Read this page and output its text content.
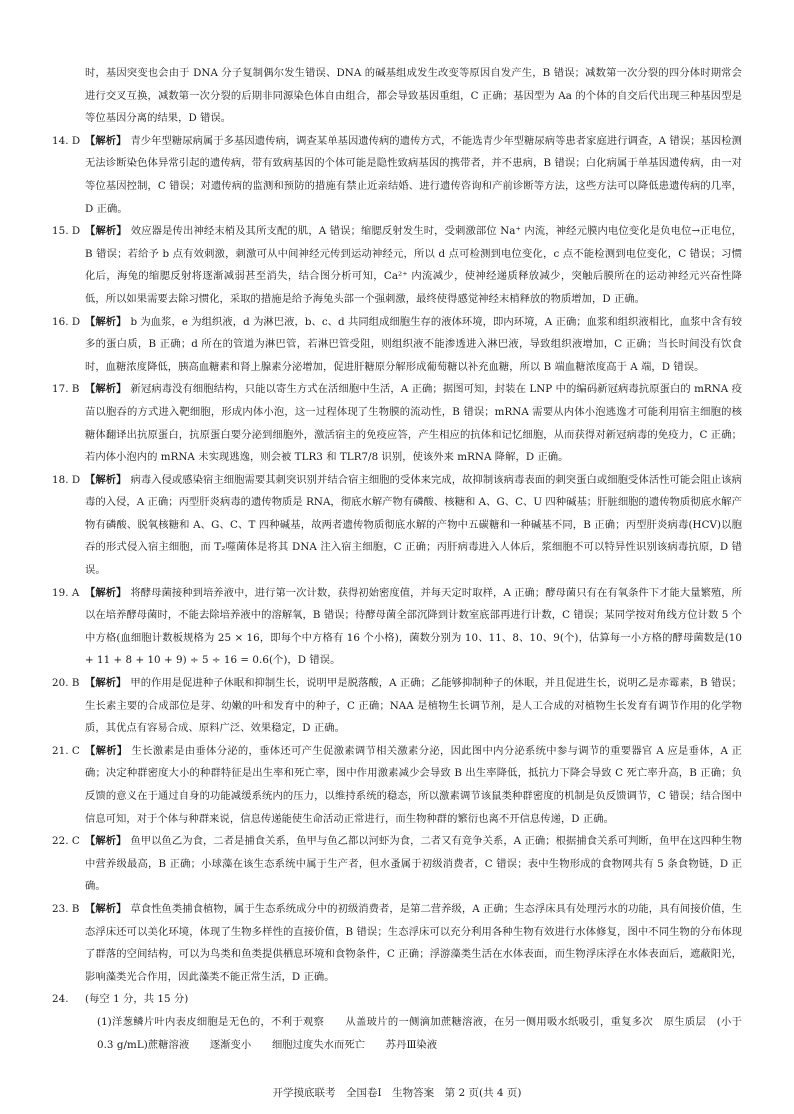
时，基因突变也会由于 DNA 分子复制偶尔发生错误、DNA 的碱基组成发生改变等原因自发产生，B 错误；减数第一次分裂的四分体时期常会进行交叉互换，减数第一次分裂的后期非同源染色体自由组合，都会导致基因重组，C 正确；基因型为 Aa 的个体的自交后代出现三种基因型是等位基因分离的结果，D 错误。

14. D 【解析】 青少年型糖尿病属于多基因遗传病，调查某单基因遗传病的遗传方式，不能选青少年型糖尿病等患者家庭进行调查，A 错误；基因检测无法诊断染色体异常引起的遗传病，带有致病基因的个体可能是隐性致病基因的携带者，并不患病，B 错误；白化病属于单基因遗传病，由一对等位基因控制，C 错误；对遗传病的监测和预防的措施有禁止近亲结婚、进行遗传咨询和产前诊断等方法，这些方法可以降低患遗传病的几率，D 正确。
15. D 【解析】 效应器是传出神经末梢及其所支配的肌，A 错误；缩腮反射发生时，受刺激部位 Na⁺ 内流，神经元膜内电位变化是负电位→正电位，B 错误；若给予 b 点有效刺激，刺激可从中间神经元传到运动神经元，所以 d 点可检测到电位变化，c 点不能检测到电位变化，C 错误；习惯化后，海兔的缩腮反射将逐渐减弱甚至消失，结合图分析可知，Ca²⁺ 内流减少，使神经递质释放减少，突触后膜所在的运动神经元兴奋性降低，所以如果需要去除习惯化，采取的措施是给予海兔头部一个强刺激，最终使得感觉神经末梢释放的物质增加，D 正确。
16. D 【解析】 b 为血浆，e 为组织液，d 为淋巴液，b、c、d 共同组成细胞生存的液体环境，即内环境，A 正确；血浆和组织液相比，血浆中含有较多的蛋白质，B 正确；d 所在的管道为淋巴管，若淋巴管受阻，则组织液不能渗透进入淋巴液，导致组织液增加，C 正确；当长时间没有饮食时，血糖浓度降低，胰高血糖素和肾上腺素分泌增加，促进肝糖原分解形成葡萄糖以补充血糖，所以 B 端血糖浓度高于 A 端，D 错误。
17. B 【解析】 新冠病毒没有细胞结构，只能以寄生方式在活细胞中生活，A 正确；据图可知，封装在 LNP 中的编码新冠病毒抗原蛋白的 mRNA 疫苗以胞吞的方式进入靶细胞，形成内体小泡，这一过程体现了生物膜的流动性，B 错误；mRNA 需要从内体小泡逃逸才可能利用宿主细胞的核糖体翻译出抗原蛋白，抗原蛋白要分泌到细胞外，激活宿主的免疫应答，产生相应的抗体和记忆细胞，从而获得对新冠病毒的免疫力，C 正确；若内体小泡内的 mRNA 未实现逃逸，则会被 TLR3 和 TLR7/8 识别，使该外来 mRNA 降解，D 正确。
18. D 【解析】 病毒入侵或感染宿主细胞需要其刺突识别并结合宿主细胞的受体来完成，故抑制该病毒表面的刺突蛋白或细胞受体活性可能会阻止该病毒的入侵，A 正确；丙型肝炎病毒的遗传物质是 RNA，彻底水解产物有磷酸、核糖和 A、G、C、U 四种碱基；肝脏细胞的遗传物质彻底水解产物有磷酸、脱氧核糖和 A、G、C、T 四种碱基，故两者遗传物质彻底水解的产物中五碳糖和一种碱基不同，B 正确；丙型肝炎病毒(HCV)以胞吞的形式侵入宿主细胞，而 T₂噬菌体是将其 DNA 注入宿主细胞，C 正确；丙肝病毒进入人体后，浆细胞不可以特异性识别该病毒抗原，D 错误。
19. A 【解析】 将酵母菌接种到培养液中，进行第一次计数，获得初始密度值，并每天定时取样，A 正确；酵母菌只有在有氧条件下才能大量繁殖，所以在培养酵母菌时，不能去除培养液中的溶解氧，B 错误；待酵母菌全部沉降到计数室底部再进行计数，C 错误；某同学按对角线方位计数 5 个中方格(血细胞计数板规格为 25 × 16，即每个中方格有 16 个小格)，菌数分别为 10、11、8、10、9(个)，估算每一小方格的酵母菌数是(10 + 11 + 8 + 10 + 9) ÷ 5 ÷ 16 = 0.6(个)，D 错误。
20. B 【解析】 甲的作用是促进种子休眠和抑制生长，说明甲是脱落酸，A 正确；乙能够抑制种子的休眠，并且促进生长，说明乙是赤霉素，B 错误；生长素主要的合成部位是芽、幼嫩的叶和发育中的种子，C 正确；NAA 是植物生长调节剂，是人工合成的对植物生长发育有调节作用的化学物质，其优点有容易合成、原料广泛、效果稳定，D 正确。
21. C 【解析】 生长激素是由垂体分泌的，垂体还可产生促激素调节相关激素分泌，因此图中内分泌系统中参与调节的重要器官 A 应是垂体，A 正确；决定种群密度大小的种群特征是出生率和死亡率，图中作用激素减少会导致 B 出生率降低，抵抗力下降会导致 C 死亡率升高，B 正确；负反馈的意义在于通过自身的功能减缓系统内的压力，以维持系统的稳态，所以激素调节该鼠类种群密度的机制是负反馈调节，C 错误；结合图中信息可知，对于个体与种群来说，信息传递能使生命活动正常进行，而生物种群的繁衍也离不开信息传递，D 正确。
22. C 【解析】 鱼甲以鱼乙为食，二者是捕食关系，鱼甲与鱼乙都以河虾为食，二者又有竞争关系，A 正确；根据捕食关系可判断，鱼甲在这四种生物中营养级最高，B 正确；小球藻在该生态系统中属于生产者，但水蚤属于初级消费者，C 错误；表中生物形成的食物网共有 5 条食物链，D 正确。
23. B 【解析】 草食性鱼类捕食植物，属于生态系统成分中的初级消费者，是第二营养级，A 正确；生态浮床具有处理污水的功能，具有间接价值，生态浮床还可以美化环境，体现了生物多样性的直接价值，B 错误；生态浮床可以充分利用各种生物有效进行水体修复，图中不同生物的分布体现了群落的空间结构，可以为鸟类和鱼类提供栖息环境和食物条件，C 正确；浮游藻类生活在水体表面，而生物浮床浮在水体表面后，遮蔽阳光，影响藻类光合作用，因此藻类不能正常生活，D 正确。
24. (每空 1 分，共 15 分)
(1)洋葱鳞片叶内表皮细胞是无色的，不利于观察　　从盖玻片的一侧滴加蔗糖溶液，在另一侧用吸水纸吸引，重复多次　原生质层　(小于 0.3 g/mL)蔗糖溶液　　逐渐变小　　细胞过度失水而死亡　　苏丹Ⅲ染液
开学摸底联考　全国卷Ⅰ　生物答案　第 2 页(共 4 页)
